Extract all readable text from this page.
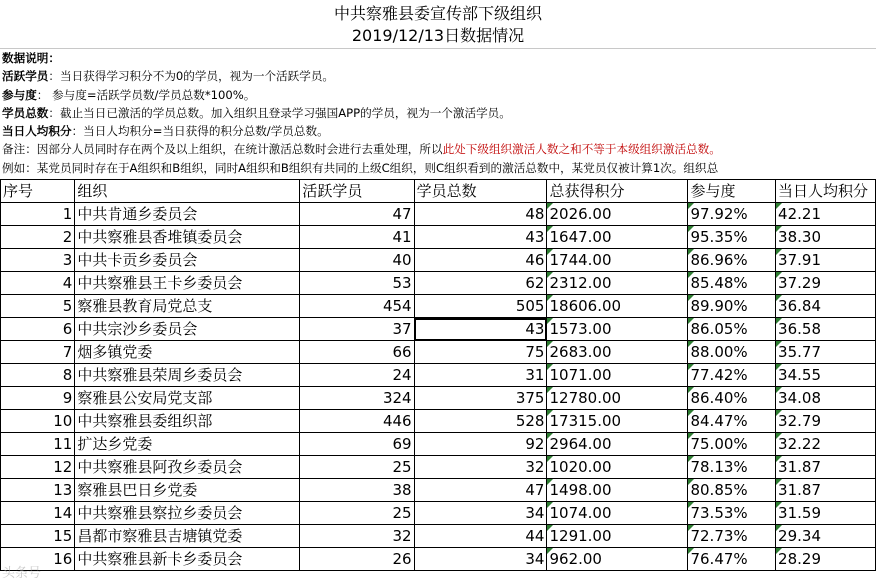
中共察雅县委宣传部下级组织
2019/12/13日数据情况
数据说明：
活跃学员：当日获得学习积分不为0的学员，视为一个活跃学员。
参与度： 参与度=活跃学员数/学员总数*100%。
学员总数：截止当日已激活的学员总数。加入组织且登录学习强国APP的学员，视为一个激活学员。
当日人均积分：当日人均积分=当日获得的积分总数/学员总数。
备注：因部分人员同时存在两个及以上组织，在统计激活总数时会进行去重处理，所以此处下级组织激活人数之和不等于本级组织激活总数。
例如：某党员同时存在于A组织和B组织，同时A组织和B组织有共同的上级C组织，则C组织看到的激活总数中，某党员仅被计算1次。组织总
序号	组织	活跃学员	学员总数	总获得积分	参与度	当日人均积分
1	中共肯通乡委员会	47	48	2026.00	97.92%	42.21
2	中共察雅县香堆镇委员会	41	43	1647.00	95.35%	38.30
3	中共卡贡乡委员会	40	46	1744.00	86.96%	37.91
4	中共察雅县王卡乡委员会	53	62	2312.00	85.48%	37.29
5	察雅县教育局党总支	454	505	18606.00	89.90%	36.84
6	中共宗沙乡委员会	37	43	1573.00	86.05%	36.58
7	烟多镇党委	66	75	2683.00	88.00%	35.77
8	中共察雅县荣周乡委员会	24	31	1071.00	77.42%	34.55
9	察雅县公安局党支部	324	375	12780.00	86.40%	34.08
10	中共察雅县委组织部	446	528	17315.00	84.47%	32.79
11	扩达乡党委	69	92	2964.00	75.00%	32.22
12	中共察雅县阿孜乡委员会	25	32	1020.00	78.13%	31.87
13	察雅县巴日乡党委	38	47	1498.00	80.85%	31.87
14	中共察雅县察拉乡委员会	25	34	1074.00	73.53%	31.59
15	昌都市察雅县吉塘镇党委	32	44	1291.00	72.73%	29.34
16	中共察雅县新卡乡委员会	26	34	962.00	76.47%	28.29
头条号
